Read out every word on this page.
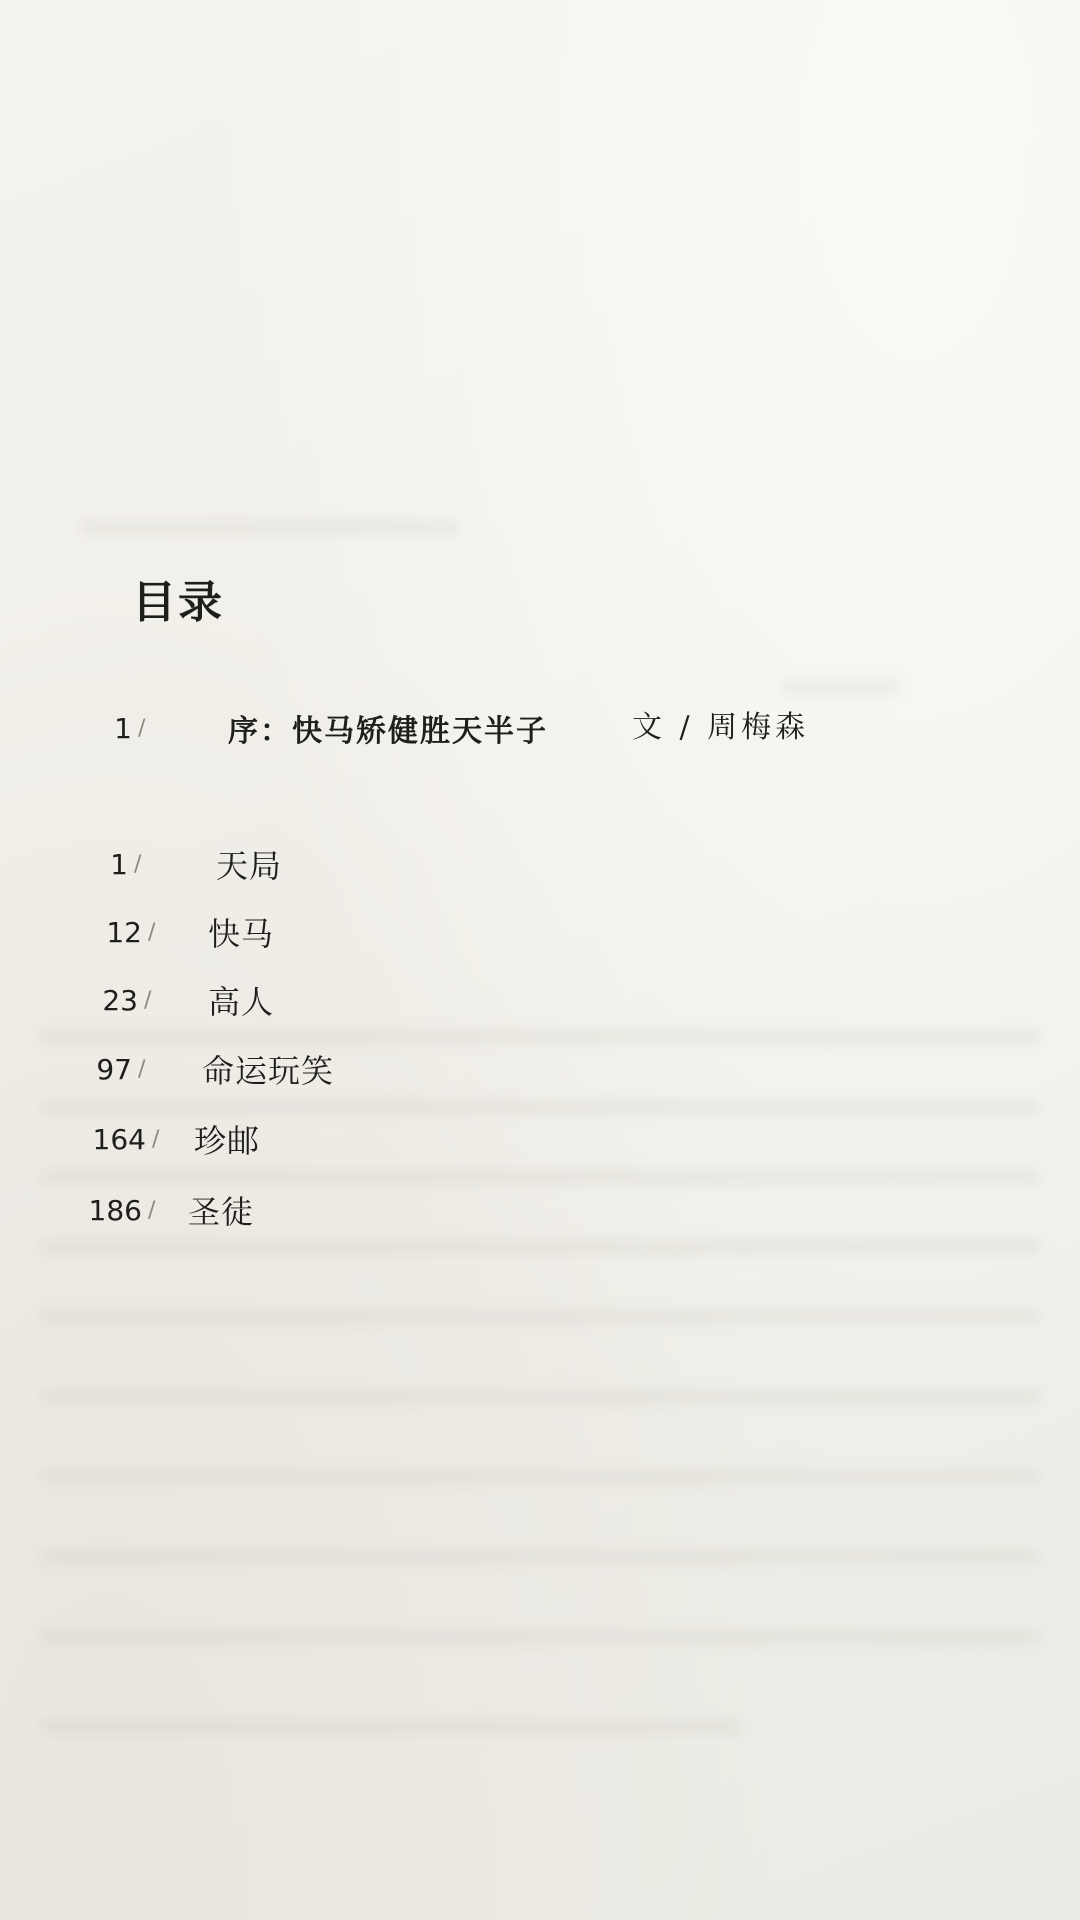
目录
1 /	序：快马矫健胜天半子	文 / 周梅森
1 /	天局
12 /	快马
23 /	高人
97 /	命运玩笑
164 /	珍邮
186 /	圣徒
